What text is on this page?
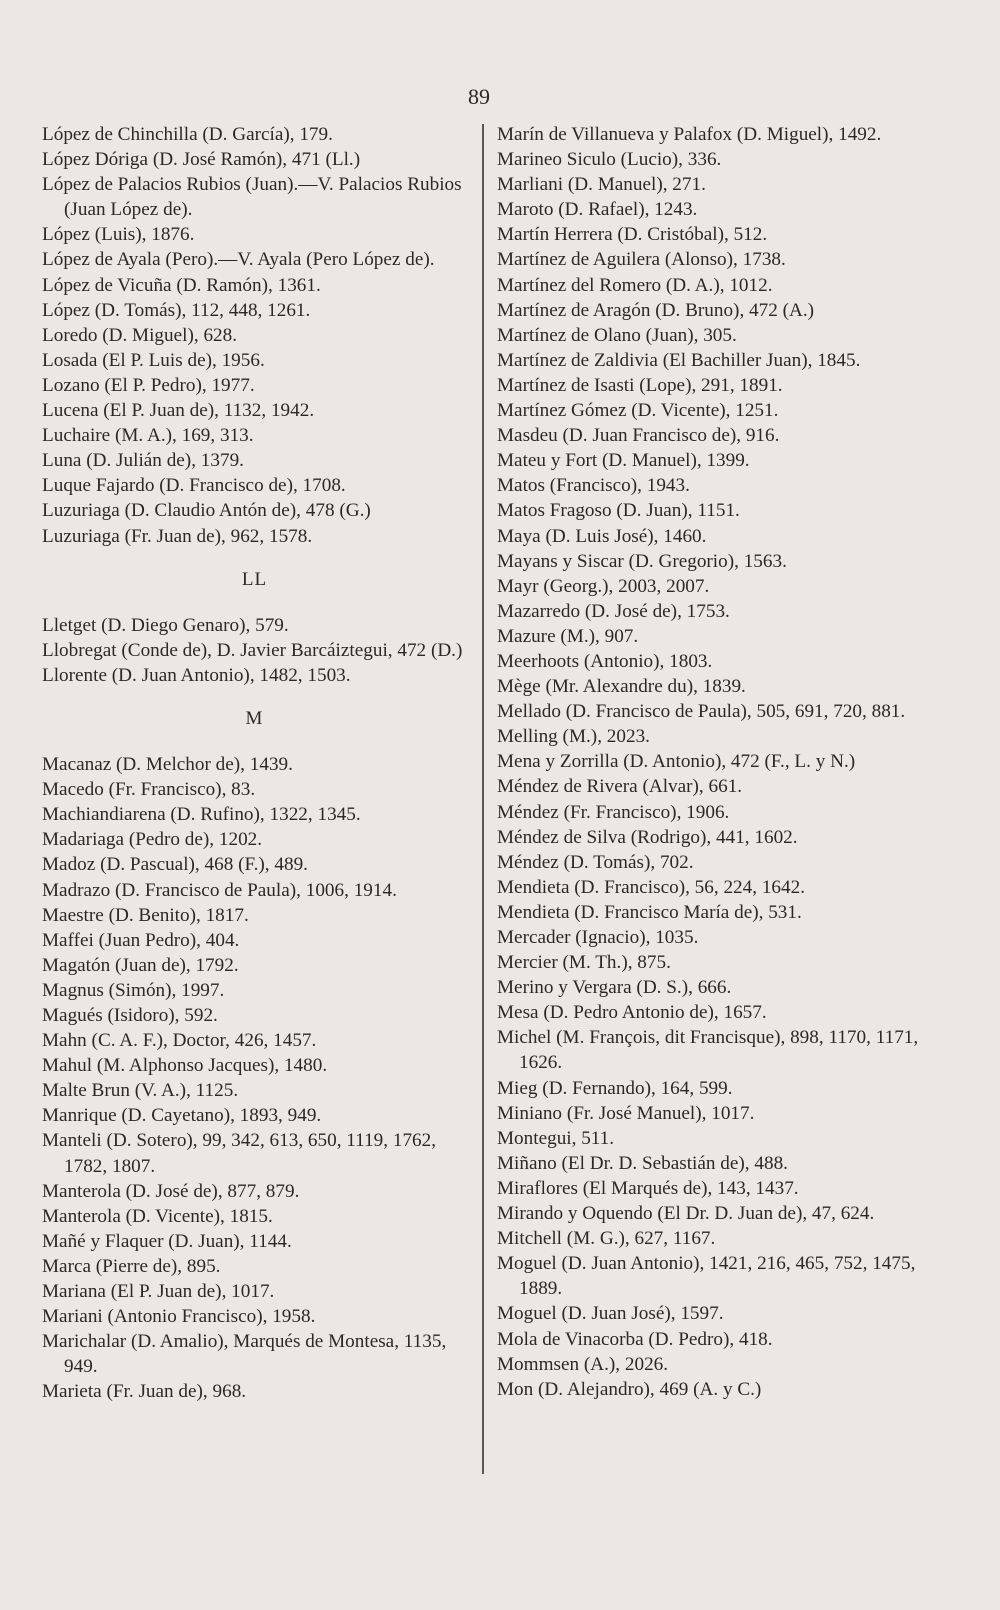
89

López de Chinchilla (D. García), 179.

López Dóriga (D. José Ramón), 471 (Ll.)

López de Palacios Rubios (Juan).—V. Palacios Rubios (Juan López de).

López (Luis), 1876.

López de Ayala (Pero).—V. Ayala (Pero López de).

López de Vicuña (D. Ramón), 1361.

López (D. Tomás), 112, 448, 1261.

Loredo (D. Miguel), 628.

Losada (El P. Luis de), 1956.

Lozano (El P. Pedro), 1977.

Lucena (El P. Juan de), 1132, 1942.

Luchaire (M. A.), 169, 313.

Luna (D. Julián de), 1379.

Luque Fajardo (D. Francisco de), 1708.

Luzuriaga (D. Claudio Antón de), 478 (G.)

Luzuriaga (Fr. Juan de), 962, 1578.

LL

Lletget (D. Diego Genaro), 579.

Llobregat (Conde de), D. Javier Barcáiztegui, 472 (D.)

Llorente (D. Juan Antonio), 1482, 1503.

M

Macanaz (D. Melchor de), 1439.

Macedo (Fr. Francisco), 83.

Machiandiarena (D. Rufino), 1322, 1345.

Madariaga (Pedro de), 1202.

Madoz (D. Pascual), 468 (F.), 489.

Madrazo (D. Francisco de Paula), 1006, 1914.

Maestre (D. Benito), 1817.

Maffei (Juan Pedro), 404.

Magatón (Juan de), 1792.

Magnus (Simón), 1997.

Magués (Isidoro), 592.

Mahn (C. A. F.), Doctor, 426, 1457.

Mahul (M. Alphonso Jacques), 1480.

Malte Brun (V. A.), 1125.

Manrique (D. Cayetano), 1893, 949.

Manteli (D. Sotero), 99, 342, 613, 650, 1119, 1762, 1782, 1807.

Manterola (D. José de), 877, 879.

Manterola (D. Vicente), 1815.

Mañé y Flaquer (D. Juan), 1144.

Marca (Pierre de), 895.

Mariana (El P. Juan de), 1017.

Mariani (Antonio Francisco), 1958.

Marichalar (D. Amalio), Marqués de Montesa, 1135, 949.

Marieta (Fr. Juan de), 968.

Marín de Villanueva y Palafox (D. Miguel), 1492.

Marineo Siculo (Lucio), 336.

Marliani (D. Manuel), 271.

Maroto (D. Rafael), 1243.

Martín Herrera (D. Cristóbal), 512.

Martínez de Aguilera (Alonso), 1738.

Martínez del Romero (D. A.), 1012.

Martínez de Aragón (D. Bruno), 472 (A.)

Martínez de Olano (Juan), 305.

Martínez de Zaldivia (El Bachiller Juan), 1845.

Martínez de Isasti (Lope), 291, 1891.

Martínez Gómez (D. Vicente), 1251.

Masdeu (D. Juan Francisco de), 916.

Mateu y Fort (D. Manuel), 1399.

Matos (Francisco), 1943.

Matos Fragoso (D. Juan), 1151.

Maya (D. Luis José), 1460.

Mayans y Siscar (D. Gregorio), 1563.

Mayr (Georg.), 2003, 2007.

Mazarredo (D. José de), 1753.

Mazure (M.), 907.

Meerhoots (Antonio), 1803.

Mège (Mr. Alexandre du), 1839.

Mellado (D. Francisco de Paula), 505, 691, 720, 881.

Melling (M.), 2023.

Mena y Zorrilla (D. Antonio), 472 (F., L. y N.)

Méndez de Rivera (Alvar), 661.

Méndez (Fr. Francisco), 1906.

Méndez de Silva (Rodrigo), 441, 1602.

Méndez (D. Tomás), 702.

Mendieta (D. Francisco), 56, 224, 1642.

Mendieta (D. Francisco María de), 531.

Mercader (Ignacio), 1035.

Mercier (M. Th.), 875.

Merino y Vergara (D. S.), 666.

Mesa (D. Pedro Antonio de), 1657.

Michel (M. François, dit Francisque), 898, 1170, 1171, 1626.

Mieg (D. Fernando), 164, 599.

Miniano (Fr. José Manuel), 1017.

Montegui, 511.

Miñano (El Dr. D. Sebastián de), 488.

Miraflores (El Marqués de), 143, 1437.

Mirando y Oquendo (El Dr. D. Juan de), 47, 624.

Mitchell (M. G.), 627, 1167.

Moguel (D. Juan Antonio), 1421, 216, 465, 752, 1475, 1889.

Moguel (D. Juan José), 1597.

Mola de Vinacorba (D. Pedro), 418.

Mommsen (A.), 2026.

Mon (D. Alejandro), 469 (A. y C.)
